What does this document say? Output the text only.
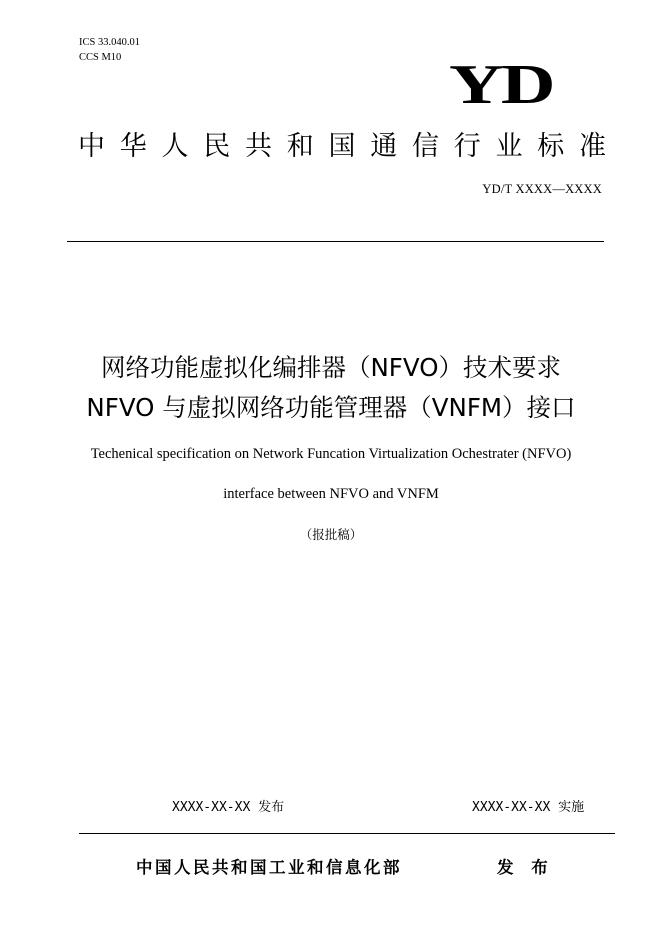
ICS 33.040.01
CCS M10	YD
中 华 人 民 共 和 国 通 信 行 业 标 准
YD/T XXXX—XXXX
网络功能虚拟化编排器（NFVO）技术要求
NFVO 与虚拟网络功能管理器（VNFM）接口
Techenical specification on Network Funcation Virtualization Ochestrater (NFVO)
interface between NFVO and VNFM
（报批稿）
XXXX-XX-XX 发布	XXXX-XX-XX 实施
中国人民共和国工业和信息化部	发 布
